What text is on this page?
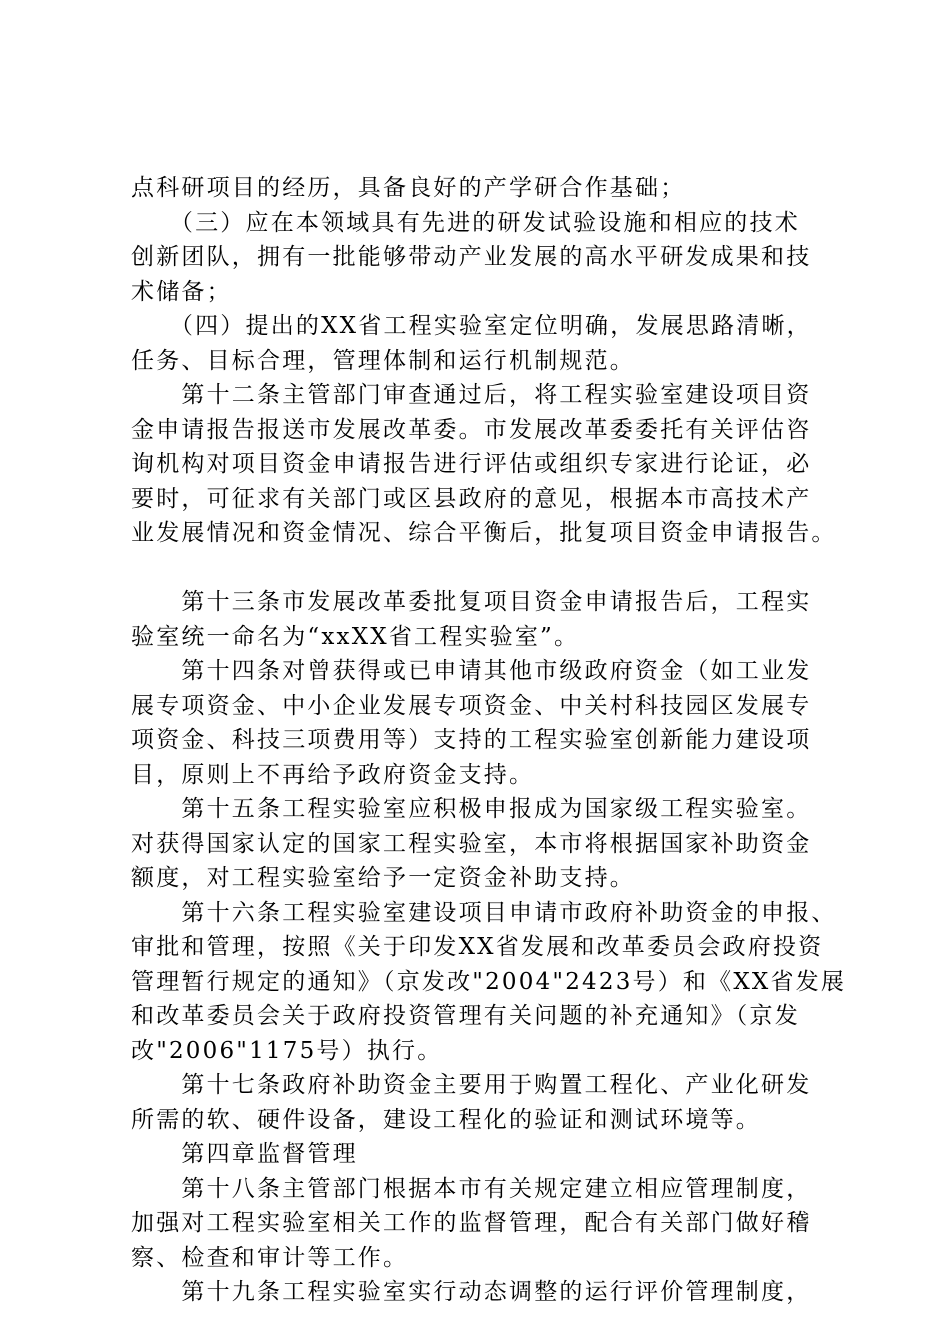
点科研项目的经历，具备良好的产学研合作基础；
　　（三）应在本领域具有先进的研发试验设施和相应的技术
创新团队，拥有一批能够带动产业发展的高水平研发成果和技
术储备；
　　（四）提出的XX省工程实验室定位明确，发展思路清晰，
任务、目标合理，管理体制和运行机制规范。
　　第十二条主管部门审查通过后，将工程实验室建设项目资
金申请报告报送市发展改革委。市发展改革委委托有关评估咨
询机构对项目资金申请报告进行评估或组织专家进行论证，必
要时，可征求有关部门或区县政府的意见，根据本市高技术产
业发展情况和资金情况、综合平衡后，批复项目资金申请报告。
　　第十三条市发展改革委批复项目资金申请报告后，工程实
验室统一命名为“xxXX省工程实验室”。
　　第十四条对曾获得或已申请其他市级政府资金（如工业发
展专项资金、中小企业发展专项资金、中关村科技园区发展专
项资金、科技三项费用等）支持的工程实验室创新能力建设项
目，原则上不再给予政府资金支持。
　　第十五条工程实验室应积极申报成为国家级工程实验室。
对获得国家认定的国家工程实验室，本市将根据国家补助资金
额度，对工程实验室给予一定资金补助支持。
　　第十六条工程实验室建设项目申请市政府补助资金的申报、
审批和管理，按照《关于印发XX省发展和改革委员会政府投资
管理暂行规定的通知》（京发改"2004"2423号）和《XX省发展
和改革委员会关于政府投资管理有关问题的补充通知》（京发
改"2006"1175号）执行。
　　第十七条政府补助资金主要用于购置工程化、产业化研发
所需的软、硬件设备，建设工程化的验证和测试环境等。
　　第四章监督管理
　　第十八条主管部门根据本市有关规定建立相应管理制度，
加强对工程实验室相关工作的监督管理，配合有关部门做好稽
察、检查和审计等工作。
　　第十九条工程实验室实行动态调整的运行评价管理制度，
